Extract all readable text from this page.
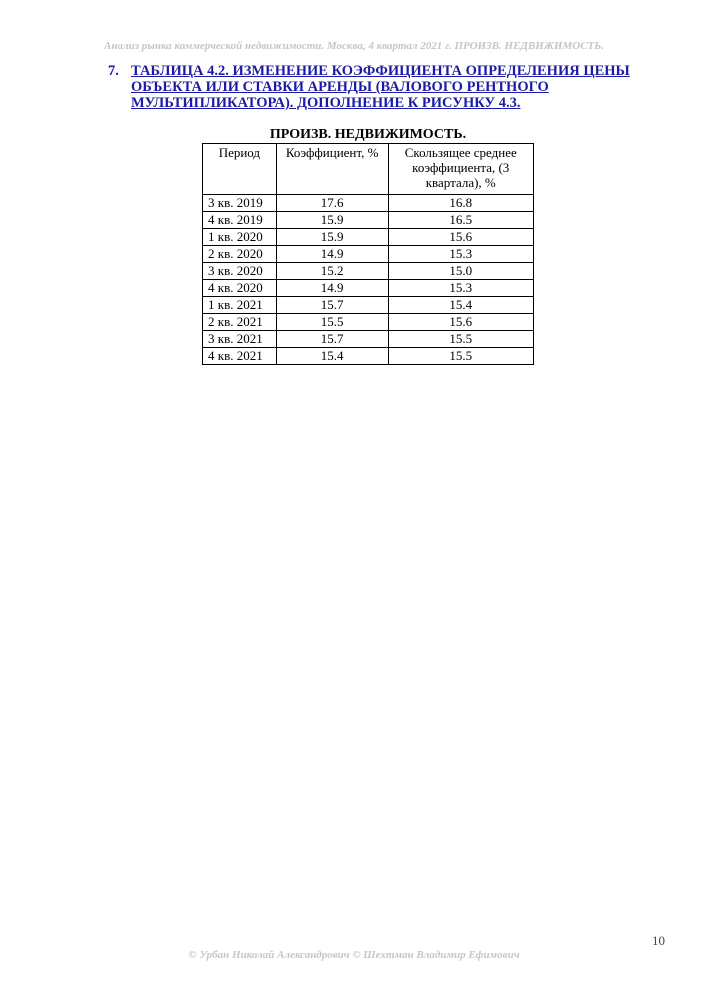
Анализ рынка коммерческой недвижимости. Москва, 4 квартал 2021 г. ПРОИЗВ. НЕДВИЖИМОСТЬ.
7. ТАБЛИЦА 4.2. ИЗМЕНЕНИЕ КОЭФФИЦИЕНТА ОПРЕДЕЛЕНИЯ ЦЕНЫ ОБЪЕКТА ИЛИ СТАВКИ АРЕНДЫ (ВАЛОВОГО РЕНТНОГО МУЛЬТИПЛИКАТОРА). ДОПОЛНЕНИЕ К РИСУНКУ 4.3.
ПРОИЗВ. НЕДВИЖИМОСТЬ.
Период	Коэффициент, %	Скользящее среднее коэффициента, (3 квартала), %
3 кв. 2019	17.6	16.8
4 кв. 2019	15.9	16.5
1 кв. 2020	15.9	15.6
2 кв. 2020	14.9	15.3
3 кв. 2020	15.2	15.0
4 кв. 2020	14.9	15.3
1 кв. 2021	15.7	15.4
2 кв. 2021	15.5	15.6
3 кв. 2021	15.7	15.5
4 кв. 2021	15.4	15.5
10
© Урбан Николай Александрович © Шехтман Владимир Ефимович
